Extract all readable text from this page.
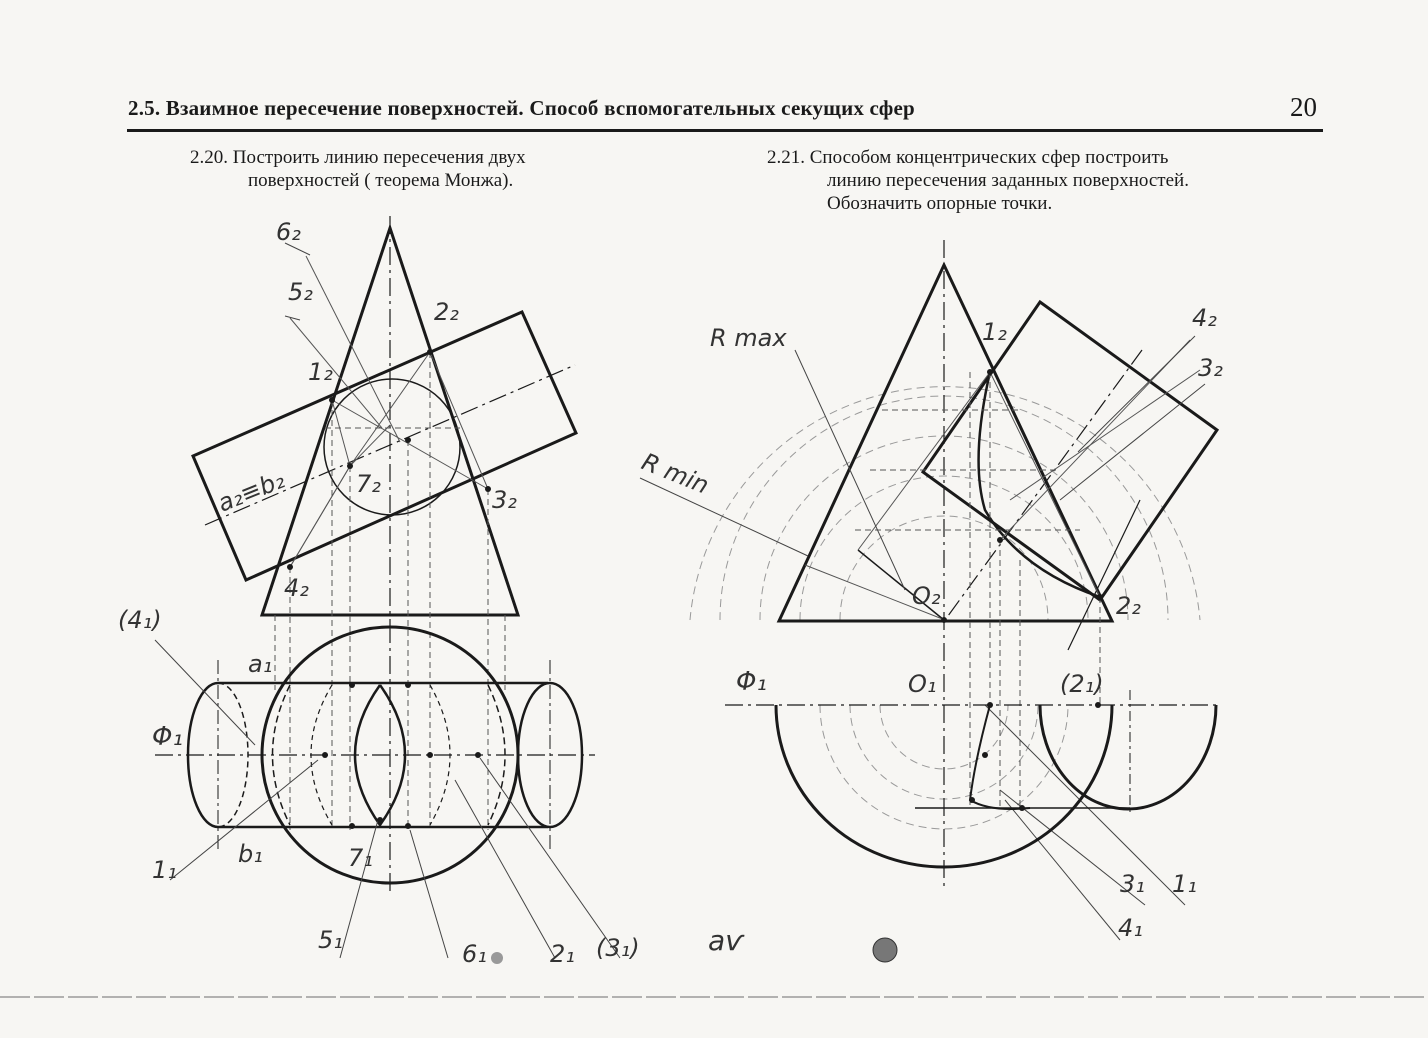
2.5. Взаимное пересечение поверхностей. Способ вспомогательных секущих сфер	20
2.20. Построить линию пересечения двух
поверхностей ( теорема Монжа).
2.21. Способом концентрических сфер построить
линию пересечения заданных поверхностей.
Обозначить опорные точки.
6₂
5₂
2₂
1₂
7₂
3₂
4₂
a₂≡b₂
(4₁)
a₁
Φ₁
b₁
1₁	7₁
5₁	6₁	2₁ (3₁)
R max
R min
1₂	4₂
3₂
O₂	2₂
Φ₁	O₁	(2₁)
3₁ 1₁
4₁
аѵ
